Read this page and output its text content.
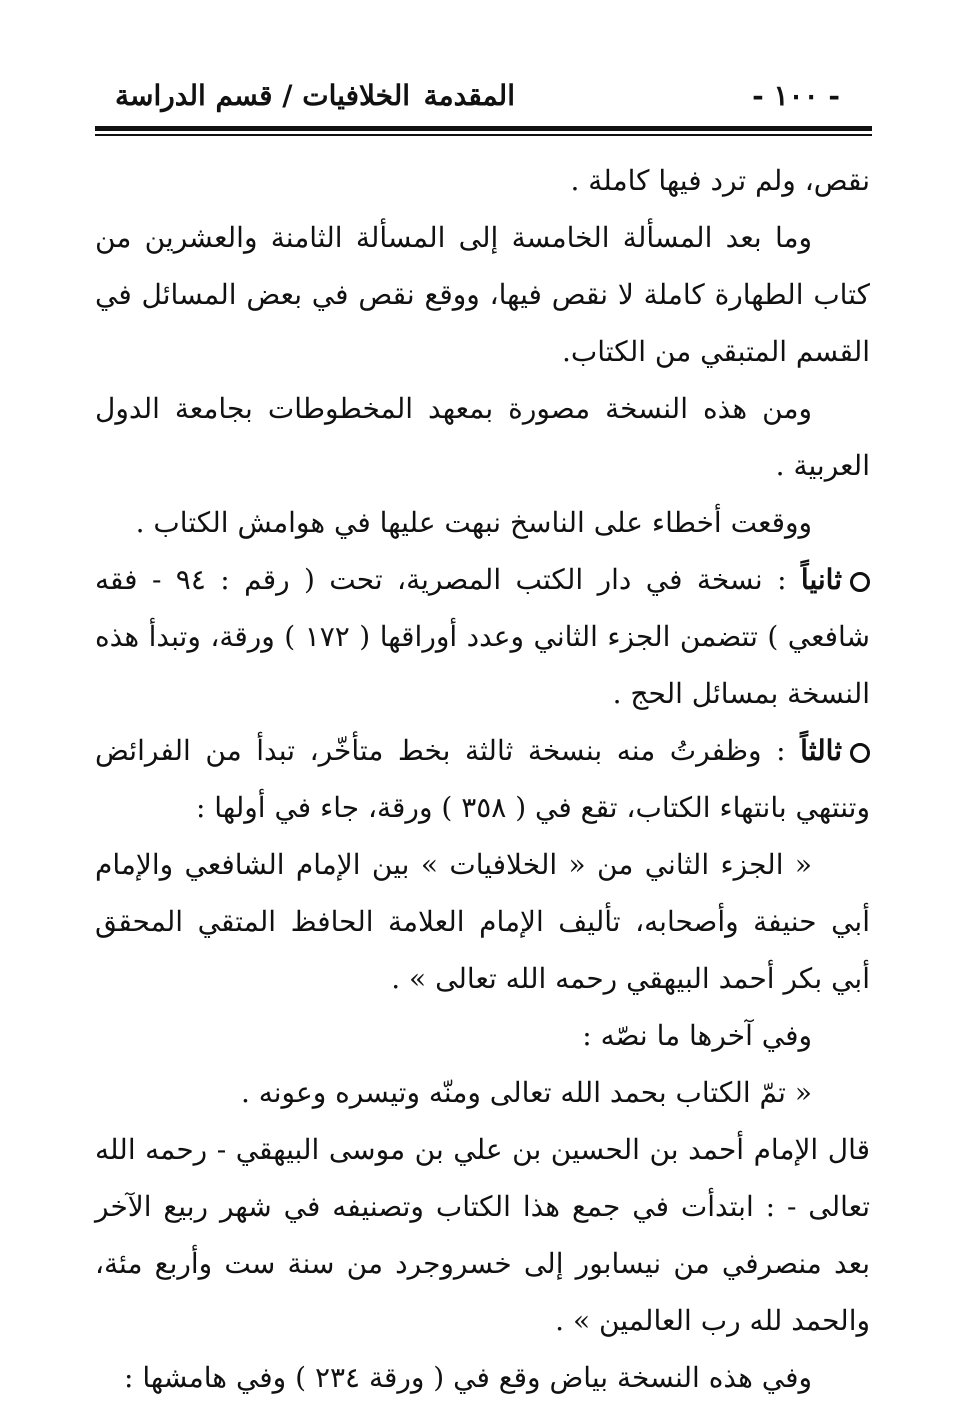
- ١٠٠ -
المقدمة
الخلافيات / قسم الدراسة

نقص، ولم ترد فيها كاملة .

وما بعد المسألة الخامسة إلى المسألة الثامنة والعشرين من كتاب الطهارة كاملة لا نقص فيها، ووقع نقص في بعض المسائل في القسم المتبقي من الكتاب.

ومن هذه النسخة مصورة بمعهد المخطوطات بجامعة الدول العربية .

ووقعت أخطاء على الناسخ نبهت عليها في هوامش الكتاب .

ثانياً : نسخة في دار الكتب المصرية، تحت ( رقم : ٩٤ - فقه شافعي ) تتضمن الجزء الثاني وعدد أوراقها ( ١٧٢ ) ورقة، وتبدأ هذه النسخة بمسائل الحج .

ثالثاً : وظفرتُ منه بنسخة ثالثة بخط متأخّر، تبدأ من الفرائض وتنتهي بانتهاء الكتاب، تقع في ( ٣٥٨ ) ورقة، جاء في أولها :

« الجزء الثاني من « الخلافيات » بين الإمام الشافعي والإمام أبي حنيفة وأصحابه، تأليف الإمام العلامة الحافظ المتقي المحقق أبي بكر أحمد البيهقي رحمه الله تعالى » .

وفي آخرها ما نصّه :

« تمّ الكتاب بحمد الله تعالى ومنّه وتيسره وعونه .

قال الإمام أحمد بن الحسين بن علي بن موسى البيهقي - رحمه الله تعالى - : ابتدأت في جمع هذا الكتاب وتصنيفه في شهر ربيع الآخر بعد منصرفي من نيسابور إلى خسروجرد من سنة ست وأربع مئة، والحمد لله رب العالمين » .

وفي هذه النسخة بياض وقع في ( ورقة ٢٣٤ ) وفي هامشها :
